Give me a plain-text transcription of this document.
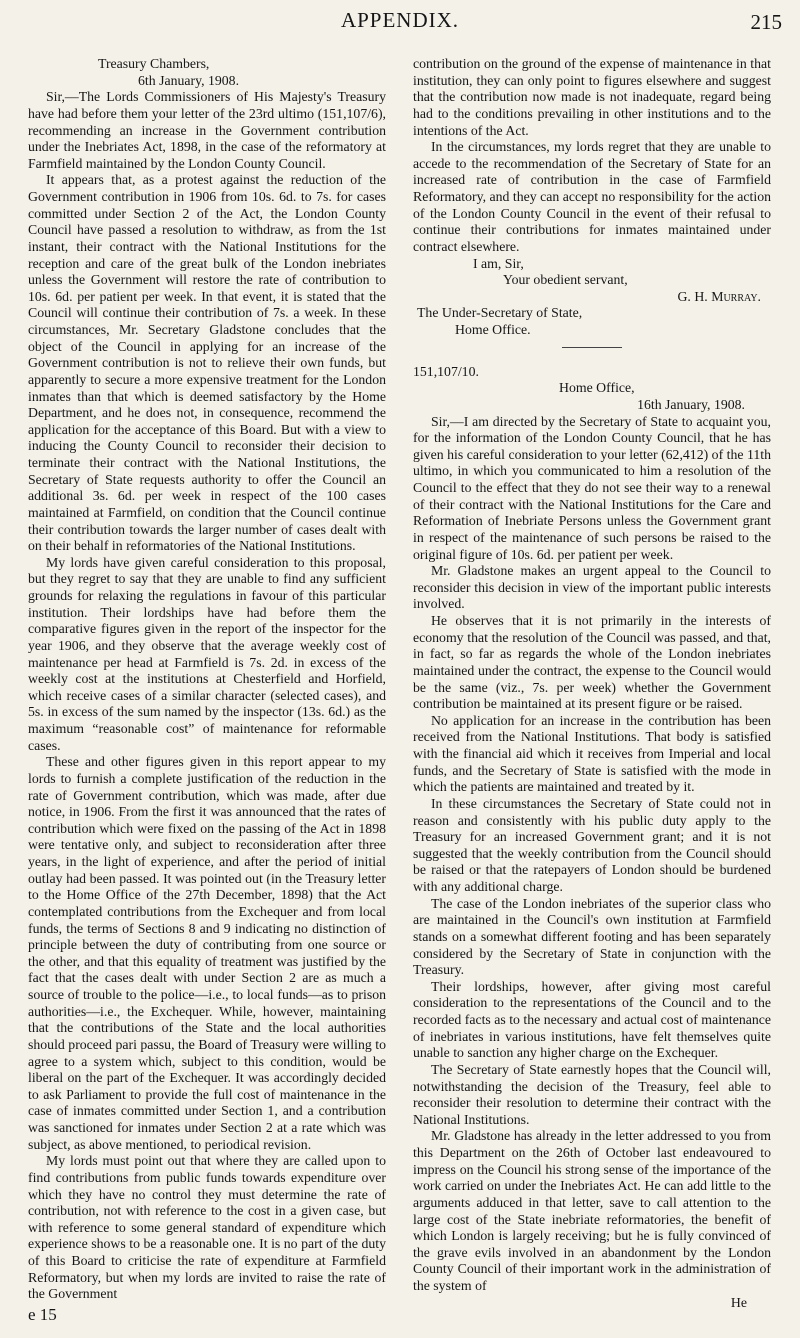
APPENDIX.	215

Treasury Chambers,

6th January, 1908.

Sir,—The Lords Commissioners of His Majesty's Treasury have had before them your letter of the 23rd ultimo (151,107/6), recommending an increase in the Government contribution under the Inebriates Act, 1898, in the case of the reformatory at Farmfield maintained by the London County Council.

It appears that, as a protest against the reduction of the Government contribution in 1906 from 10s. 6d. to 7s. for cases committed under Section 2 of the Act, the London County Council have passed a resolution to withdraw, as from the 1st instant, their contract with the National Institutions for the reception and care of the great bulk of the London inebriates unless the Government will restore the rate of contribution to 10s. 6d. per patient per week. In that event, it is stated that the Council will continue their contribution of 7s. a week. In these circumstances, Mr. Secretary Gladstone concludes that the object of the Council in applying for an increase of the Government contribution is not to relieve their own funds, but apparently to secure a more expensive treatment for the London inmates than that which is deemed satisfactory by the Home Department, and he does not, in consequence, recommend the application for the acceptance of this Board. But with a view to inducing the County Council to reconsider their decision to terminate their contract with the National Institutions, the Secretary of State requests authority to offer the Council an additional 3s. 6d. per week in respect of the 100 cases maintained at Farmfield, on condition that the Council continue their contribution towards the larger number of cases dealt with on their behalf in reformatories of the National Institutions.

My lords have given careful consideration to this proposal, but they regret to say that they are unable to find any sufficient grounds for relaxing the regulations in favour of this particular institution. Their lordships have had before them the comparative figures given in the report of the inspector for the year 1906, and they observe that the average weekly cost of maintenance per head at Farmfield is 7s. 2d. in excess of the weekly cost at the institutions at Chesterfield and Horfield, which receive cases of a similar character (selected cases), and 5s. in excess of the sum named by the inspector (13s. 6d.) as the maximum “reasonable cost” of maintenance for reformable cases.

These and other figures given in this report appear to my lords to furnish a complete justification of the reduction in the rate of Government contribution, which was made, after due notice, in 1906. From the first it was announced that the rates of contribution which were fixed on the passing of the Act in 1898 were tentative only, and subject to reconsideration after three years, in the light of experience, and after the period of initial outlay had been passed. It was pointed out (in the Treasury letter to the Home Office of the 27th December, 1898) that the Act contemplated contributions from the Exchequer and from local funds, the terms of Sections 8 and 9 indicating no distinction of principle between the duty of contributing from one source or the other, and that this equality of treatment was justified by the fact that the cases dealt with under Section 2 are as much a source of trouble to the police—i.e., to local funds—as to prison authorities—i.e., the Exchequer. While, however, maintaining that the contributions of the State and the local authorities should proceed pari passu, the Board of Treasury were willing to agree to a system which, subject to this condition, would be liberal on the part of the Exchequer. It was accordingly decided to ask Parliament to provide the full cost of maintenance in the case of inmates committed under Section 1, and a contribution was sanctioned for inmates under Section 2 at a rate which was subject, as above mentioned, to periodical revision.

My lords must point out that where they are called upon to find contributions from public funds towards expenditure over which they have no control they must determine the rate of contribution, not with reference to the cost in a given case, but with reference to some general standard of expenditure which experience shows to be a reasonable one. It is no part of the duty of this Board to criticise the rate of expenditure at Farmfield Reformatory, but when my lords are invited to raise the rate of the Government

e 15

contribution on the ground of the expense of maintenance in that institution, they can only point to figures elsewhere and suggest that the contribution now made is not inadequate, regard being had to the conditions prevailing in other institutions and to the intentions of the Act.

In the circumstances, my lords regret that they are unable to accede to the recommendation of the Secretary of State for an increased rate of contribution in the case of Farmfield Reformatory, and they can accept no responsibility for the action of the London County Council in the event of their refusal to continue their contributions for inmates maintained under contract elsewhere.

I am, Sir,

Your obedient servant,

G. H. Murray.

The Under-Secretary of State,

Home Office.

151,107/10.

Home Office,

16th January, 1908.

Sir,—I am directed by the Secretary of State to acquaint you, for the information of the London County Council, that he has given his careful consideration to your letter (62,412) of the 11th ultimo, in which you communicated to him a resolution of the Council to the effect that they do not see their way to a renewal of their contract with the National Institutions for the Care and Reformation of Inebriate Persons unless the Government grant in respect of the maintenance of such persons be raised to the original figure of 10s. 6d. per patient per week.

Mr. Gladstone makes an urgent appeal to the Council to reconsider this decision in view of the important public interests involved.

He observes that it is not primarily in the interests of economy that the resolution of the Council was passed, and that, in fact, so far as regards the whole of the London inebriates maintained under the contract, the expense to the Council would be the same (viz., 7s. per week) whether the Government contribution be maintained at its present figure or be raised.

No application for an increase in the contribution has been received from the National Institutions. That body is satisfied with the financial aid which it receives from Imperial and local funds, and the Secretary of State is satisfied with the mode in which the patients are maintained and treated by it.

In these circumstances the Secretary of State could not in reason and consistently with his public duty apply to the Treasury for an increased Government grant; and it is not suggested that the weekly contribution from the Council should be raised or that the ratepayers of London should be burdened with any additional charge.

The case of the London inebriates of the superior class who are maintained in the Council's own institution at Farmfield stands on a somewhat different footing and has been separately considered by the Secretary of State in conjunction with the Treasury.

Their lordships, however, after giving most careful consideration to the representations of the Council and to the recorded facts as to the necessary and actual cost of maintenance of inebriates in various institutions, have felt themselves quite unable to sanction any higher charge on the Exchequer.

The Secretary of State earnestly hopes that the Council will, notwithstanding the decision of the Treasury, feel able to reconsider their resolution to determine their contract with the National Institutions.

Mr. Gladstone has already in the letter addressed to you from this Department on the 26th of October last endeavoured to impress on the Council his strong sense of the importance of the work carried on under the Inebriates Act. He can add little to the arguments adduced in that letter, save to call attention to the large cost of the State inebriate reformatories, the benefit of which London is largely receiving; but he is fully convinced of the grave evils involved in an abandonment by the London County Council of their important work in the administration of the system of

He
